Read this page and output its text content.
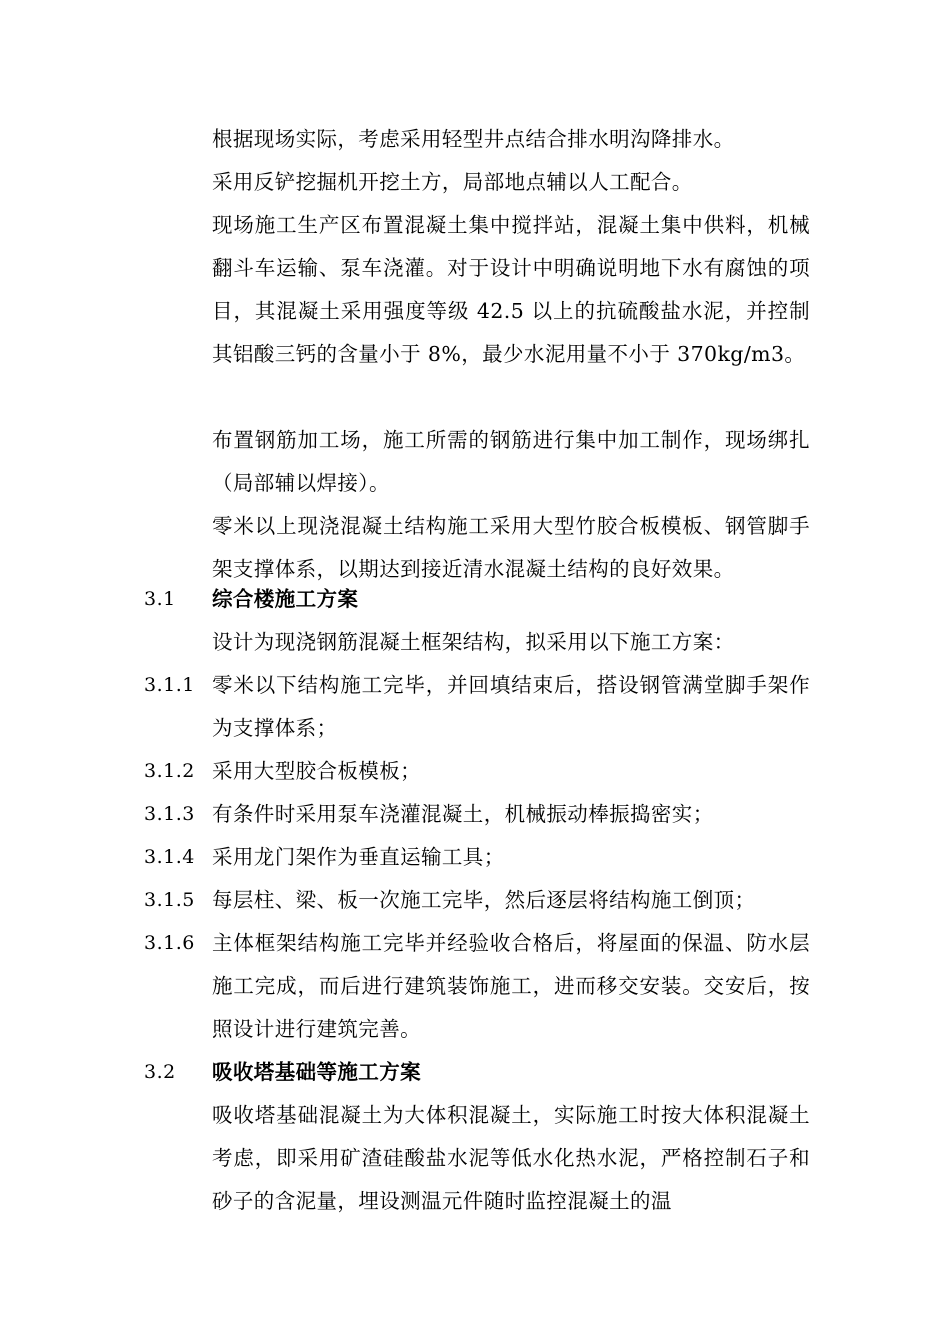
根据现场实际，考虑采用轻型井点结合排水明沟降排水。

采用反铲挖掘机开挖土方，局部地点辅以人工配合。

现场施工生产区布置混凝土集中搅拌站，混凝土集中供料，机械翻斗车运输、泵车浇灌。对于设计中明确说明地下水有腐蚀的项目，其混凝土采用强度等级 42.5 以上的抗硫酸盐水泥，并控制其铝酸三钙的含量小于 8%，最少水泥用量不小于 370kg/m3。

布置钢筋加工场，施工所需的钢筋进行集中加工制作，现场绑扎（局部辅以焊接）。

零米以上现浇混凝土结构施工采用大型竹胶合板模板、钢管脚手架支撑体系，以期达到接近清水混凝土结构的良好效果。

3.1 综合楼施工方案

设计为现浇钢筋混凝土框架结构，拟采用以下施工方案：

3.1.1 零米以下结构施工完毕，并回填结束后，搭设钢管满堂脚手架作为支撑体系；

3.1.2 采用大型胶合板模板；

3.1.3 有条件时采用泵车浇灌混凝土，机械振动棒振捣密实；

3.1.4 采用龙门架作为垂直运输工具；

3.1.5 每层柱、梁、板一次施工完毕，然后逐层将结构施工倒顶；

3.1.6 主体框架结构施工完毕并经验收合格后，将屋面的保温、防水层施工完成，而后进行建筑装饰施工，进而移交安装。交安后，按照设计进行建筑完善。

3.2 吸收塔基础等施工方案

吸收塔基础混凝土为大体积混凝土，实际施工时按大体积混凝土考虑，即采用矿渣硅酸盐水泥等低水化热水泥，严格控制石子和砂子的含泥量，埋设测温元件随时监控混凝土的温
